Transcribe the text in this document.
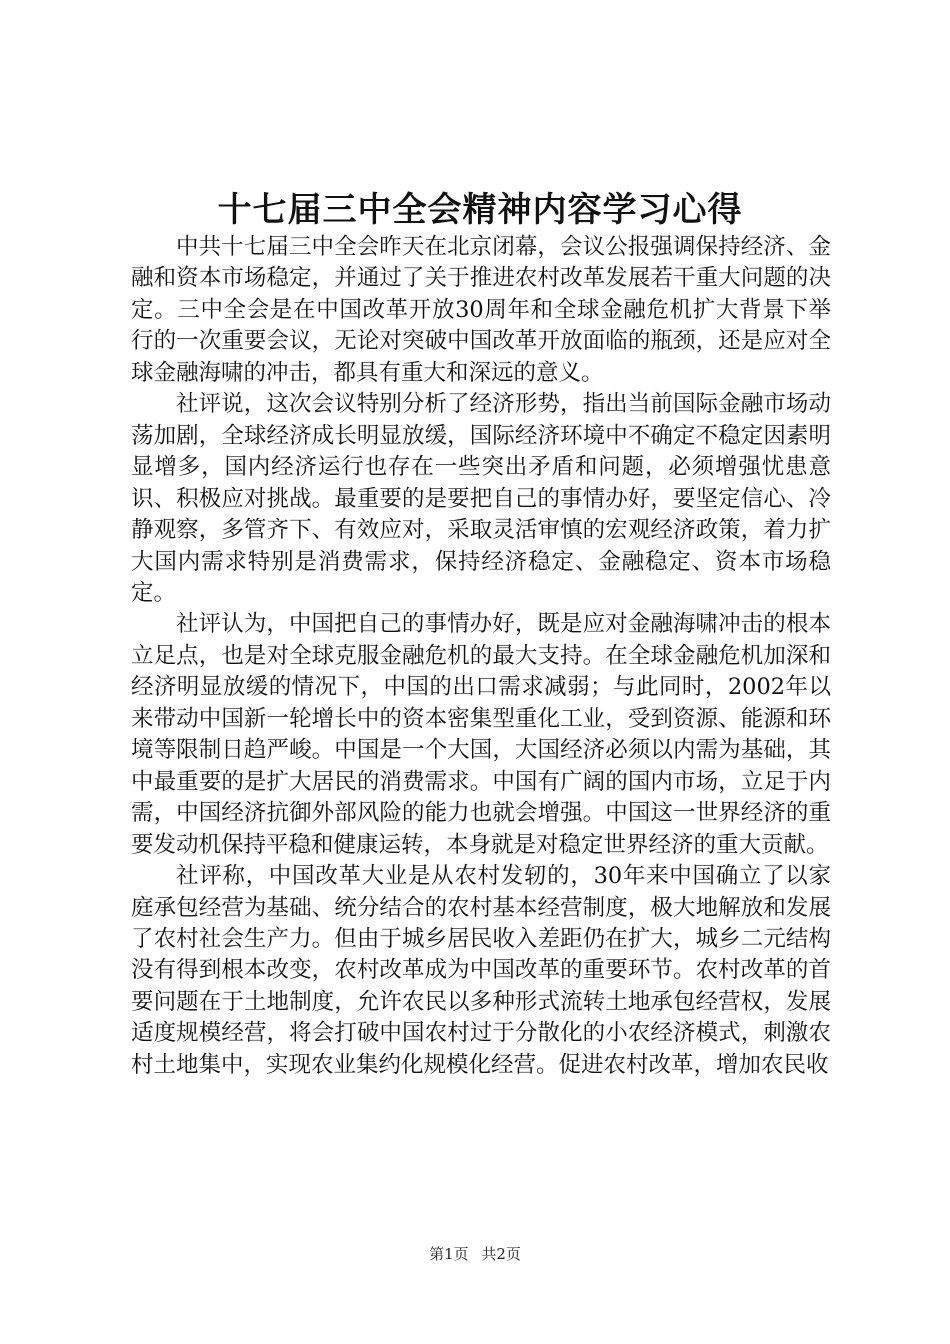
十七届三中全会精神内容学习心得

中共十七届三中全会昨天在北京闭幕，会议公报强调保持经济、金融和资本市场稳定，并通过了关于推进农村改革发展若干重大问题的决定。三中全会是在中国改革开放30周年和全球金融危机扩大背景下举行的一次重要会议，无论对突破中国改革开放面临的瓶颈，还是应对全球金融海啸的冲击，都具有重大和深远的意义。

社评说，这次会议特别分析了经济形势，指出当前国际金融市场动荡加剧，全球经济成长明显放缓，国际经济环境中不确定不稳定因素明显增多，国内经济运行也存在一些突出矛盾和问题，必须增强忧患意识、积极应对挑战。最重要的是要把自己的事情办好，要坚定信心、冷静观察，多管齐下、有效应对，采取灵活审慎的宏观经济政策，着力扩大国内需求特别是消费需求，保持经济稳定、金融稳定、资本市场稳定。

社评认为，中国把自己的事情办好，既是应对金融海啸冲击的根本立足点，也是对全球克服金融危机的最大支持。在全球金融危机加深和经济明显放缓的情况下，中国的出口需求减弱；与此同时，2002年以来带动中国新一轮增长中的资本密集型重化工业，受到资源、能源和环境等限制日趋严峻。中国是一个大国，大国经济必须以内需为基础，其中最重要的是扩大居民的消费需求。中国有广阔的国内市场，立足于内需，中国经济抗御外部风险的能力也就会增强。中国这一世界经济的重要发动机保持平稳和健康运转，本身就是对稳定世界经济的重大贡献。

社评称，中国改革大业是从农村发轫的，30年来中国确立了以家庭承包经营为基础、统分结合的农村基本经营制度，极大地解放和发展了农村社会生产力。但由于城乡居民收入差距仍在扩大，城乡二元结构没有得到根本改变，农村改革成为中国改革的重要环节。农村改革的首要问题在于土地制度，允许农民以多种形式流转土地承包经营权，发展适度规模经营，将会打破中国农村过于分散化的小农经济模式，刺激农村土地集中，实现农业集约化规模化经营。促进农村改革，增加农民收

第1页 共2页
